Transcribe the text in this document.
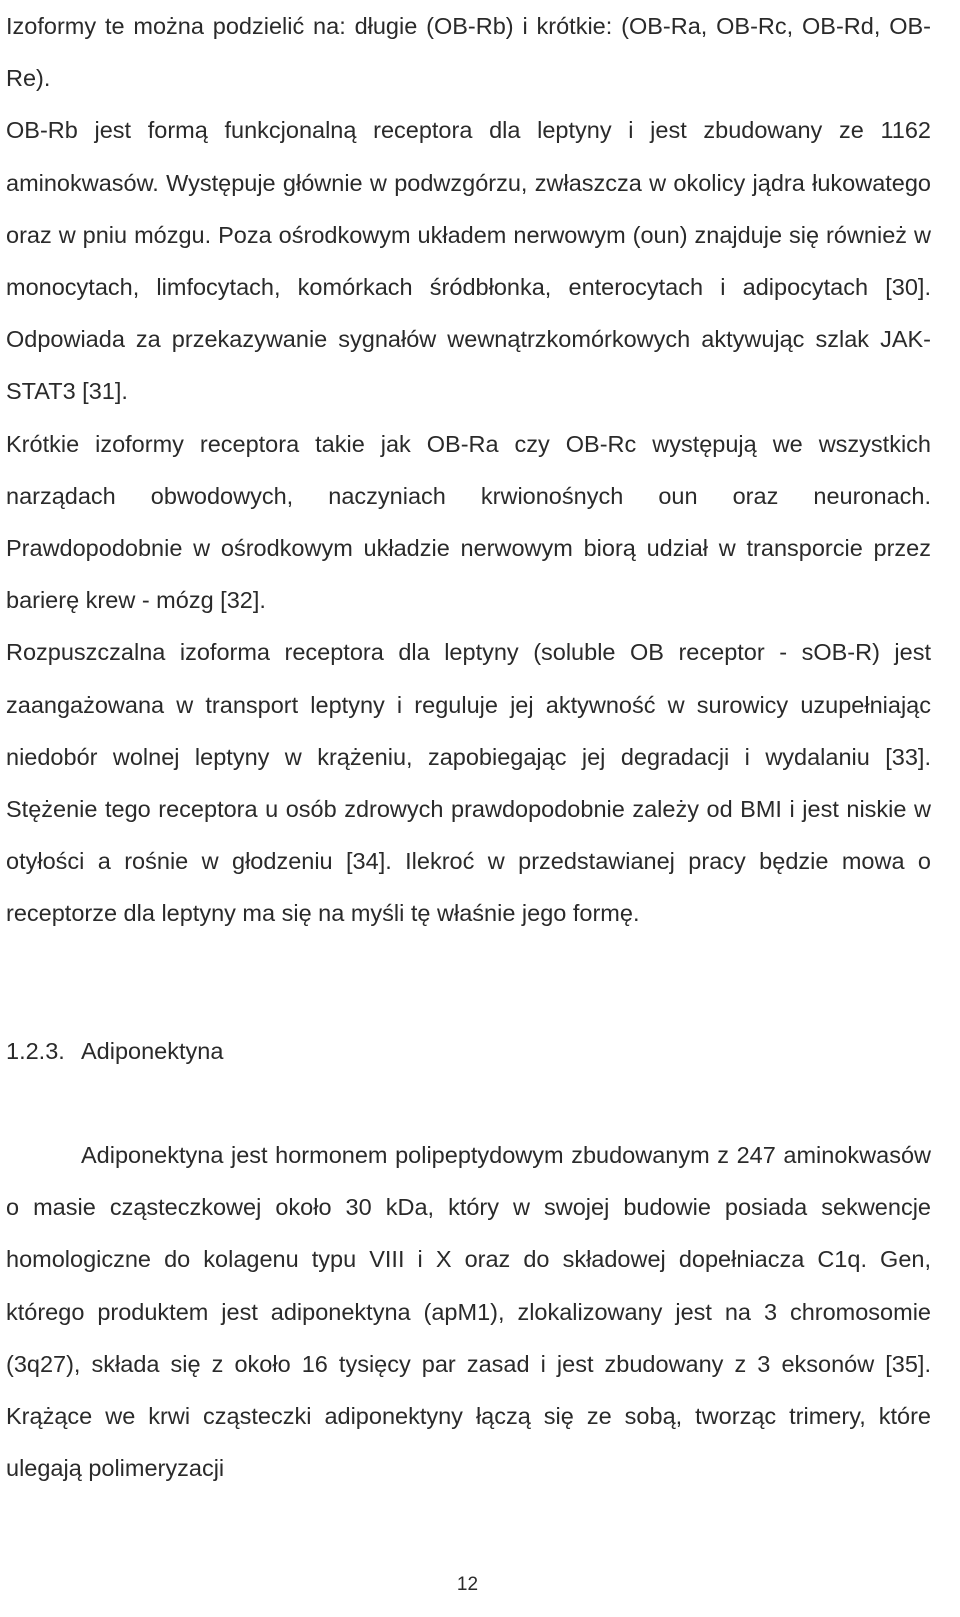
Izoformy te można podzielić na: długie (OB-Rb) i krótkie: (OB-Ra, OB-Rc, OB-Rd, OB-Re).

OB-Rb jest formą funkcjonalną receptora dla leptyny i jest zbudowany ze 1162 aminokwasów. Występuje głównie w podwzgórzu, zwłaszcza w okolicy jądra łukowatego oraz w pniu mózgu. Poza ośrodkowym układem nerwowym (oun) znajduje się również w monocytach, limfocytach, komórkach śródbłonka, enterocytach i adipocytach [30]. Odpowiada za przekazywanie sygnałów wewnątrzkomórkowych aktywując szlak JAK-STAT3 [31].

Krótkie izoformy receptora takie jak OB-Ra czy OB-Rc występują we wszystkich narządach obwodowych, naczyniach krwionośnych oun oraz neuronach. Prawdopodobnie w ośrodkowym układzie nerwowym biorą udział w transporcie przez barierę krew - mózg [32].

Rozpuszczalna izoforma receptora dla leptyny (soluble OB receptor - sOB-R) jest zaangażowana w transport leptyny i reguluje jej aktywność w surowicy uzupełniając niedobór wolnej leptyny w krążeniu, zapobiegając jej degradacji i wydalaniu [33]. Stężenie tego receptora u osób zdrowych prawdopodobnie zależy od BMI i jest niskie w otyłości a rośnie w głodzeniu [34]. Ilekroć w przedstawianej pracy będzie mowa o receptorze dla leptyny ma się na myśli tę właśnie jego formę.

1.2.3. Adiponektyna

Adiponektyna jest hormonem polipeptydowym zbudowanym z 247 aminokwasów o masie cząsteczkowej około 30 kDa, który w swojej budowie posiada sekwencje homologiczne do kolagenu typu VIII i X oraz do składowej dopełniacza C1q. Gen, którego produktem jest adiponektyna (apM1), zlokalizowany jest na 3 chromosomie (3q27), składa się z około 16 tysięcy par zasad i jest zbudowany z 3 eksonów [35]. Krążące we krwi cząsteczki adiponektyny łączą się ze sobą, tworząc trimery, które ulegają polimeryzacji

12
